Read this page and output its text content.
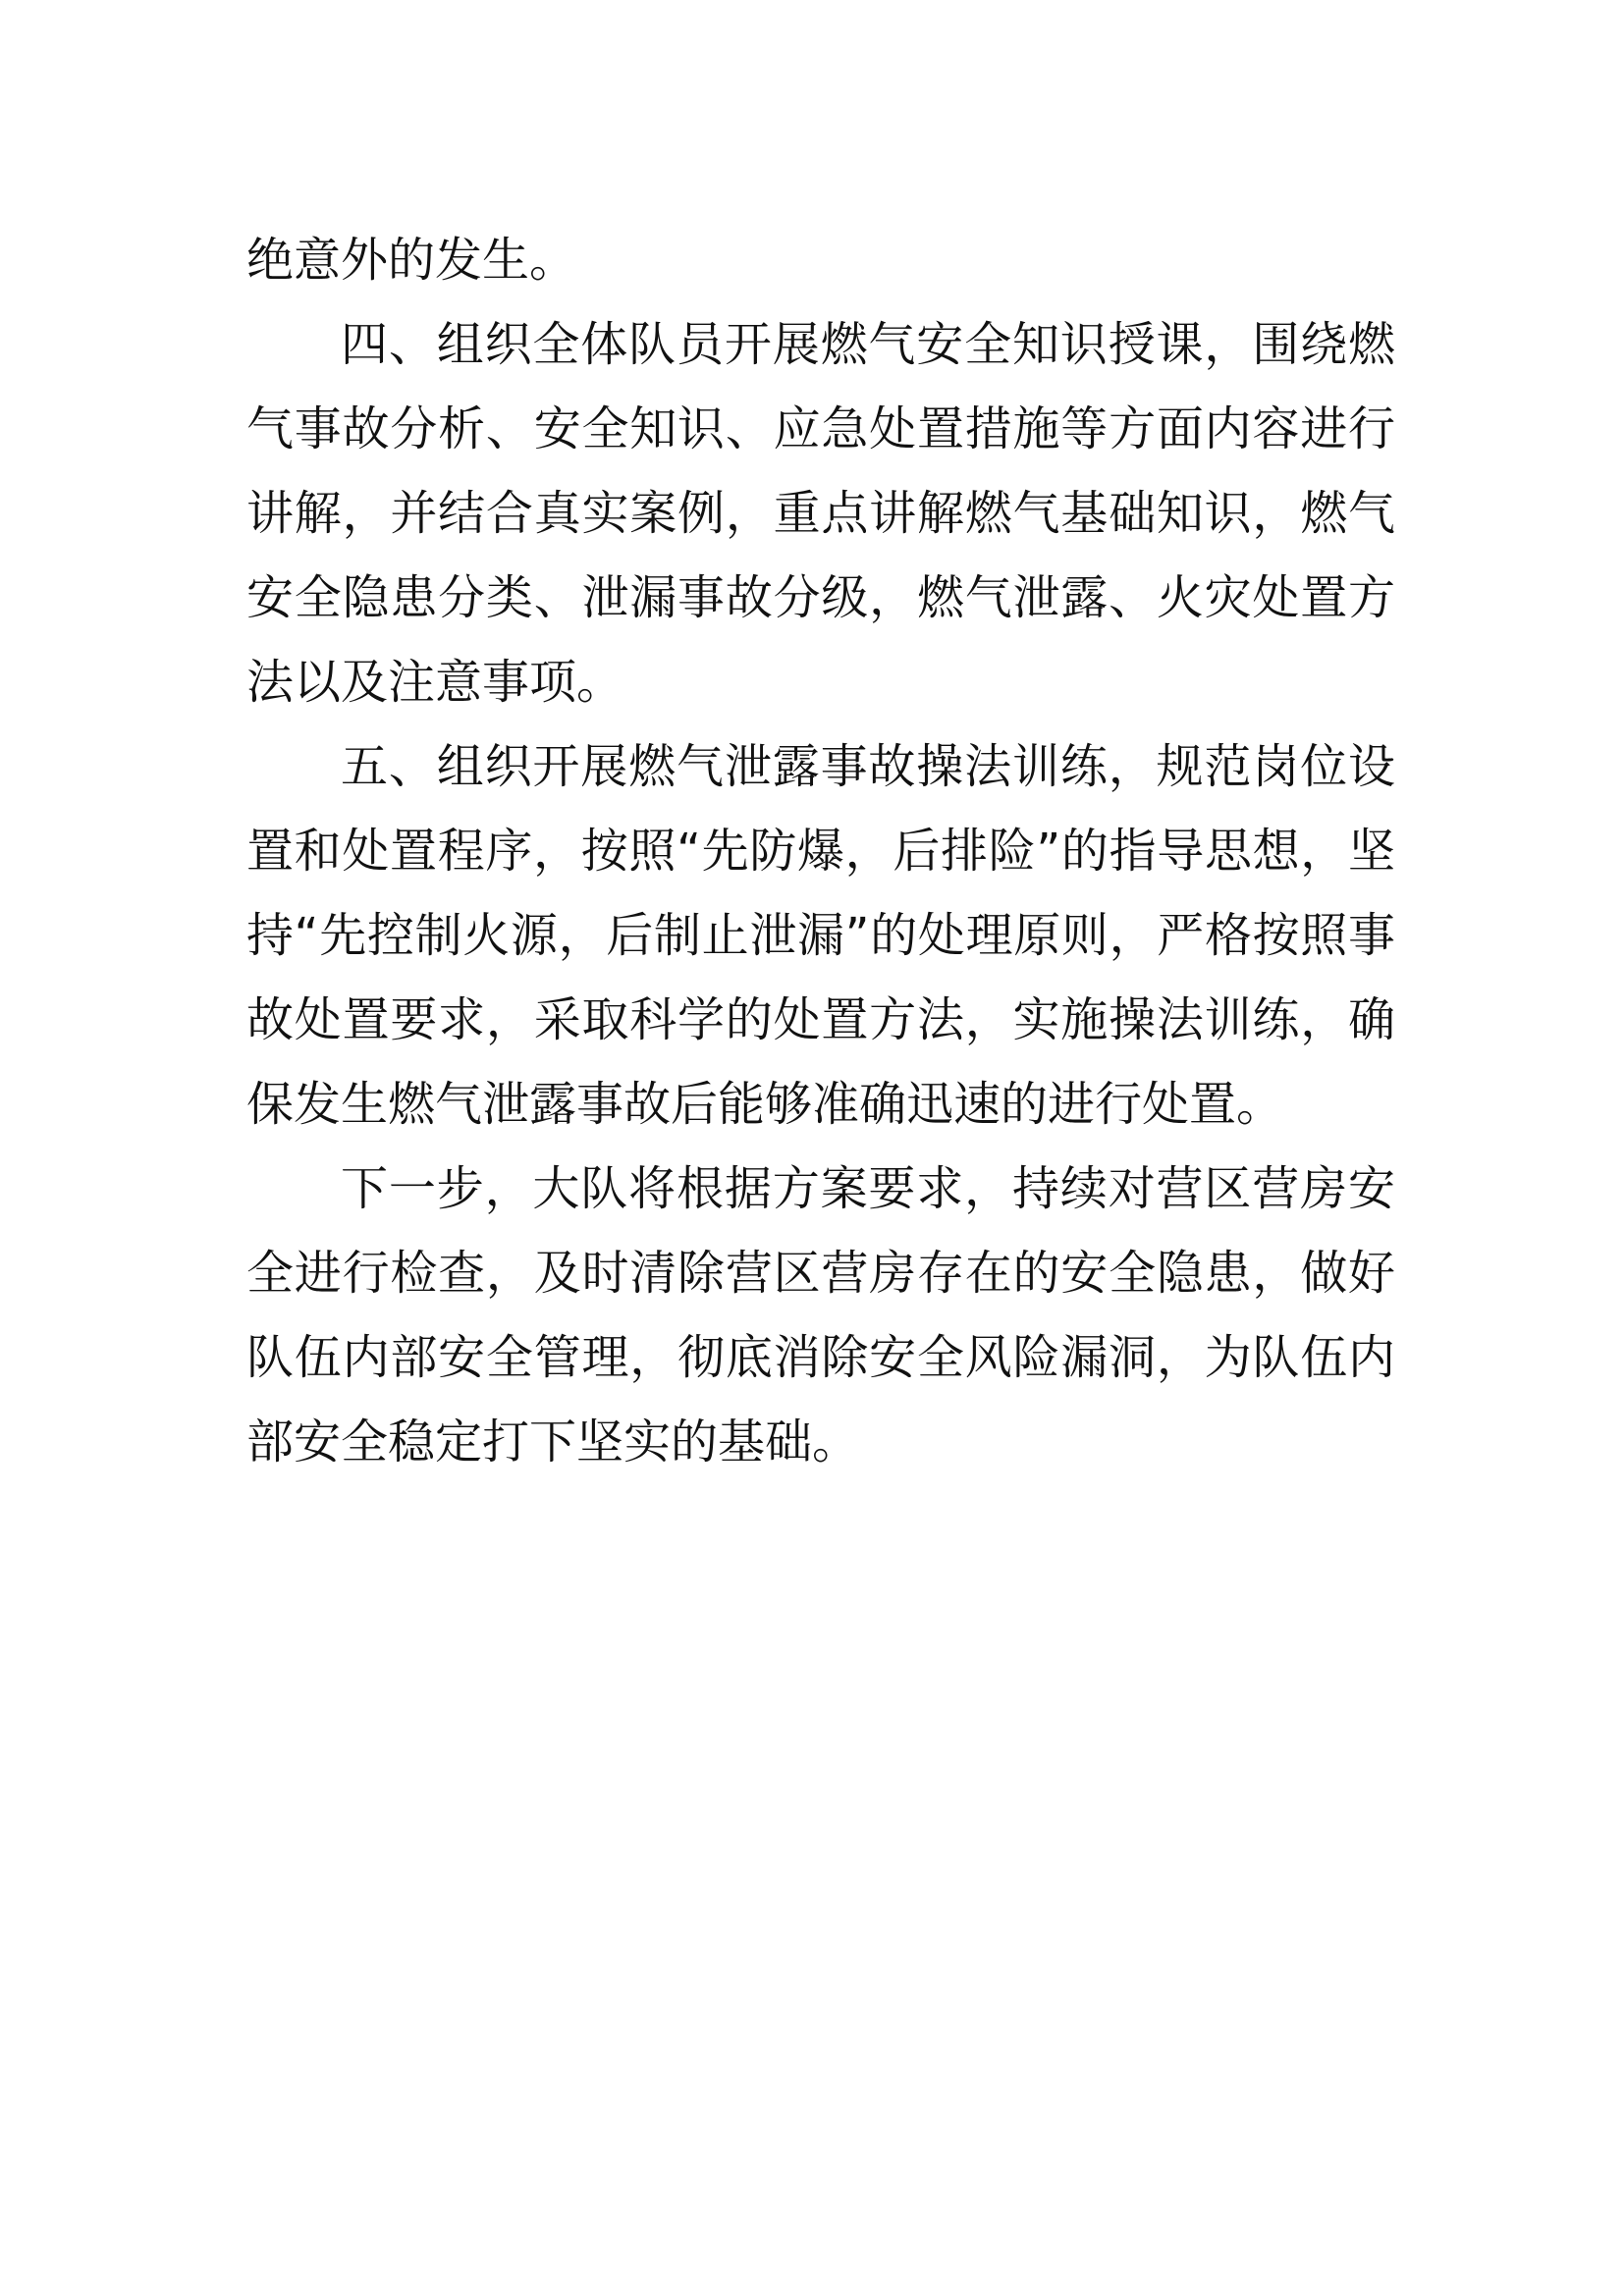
绝意外的发生。

四、组织全体队员开展燃气安全知识授课，围绕燃气事故分析、安全知识、应急处置措施等方面内容进行讲解，并结合真实案例，重点讲解燃气基础知识，燃气安全隐患分类、泄漏事故分级，燃气泄露、火灾处置方法以及注意事项。

五、组织开展燃气泄露事故操法训练，规范岗位设置和处置程序，按照“先防爆，后排险”的指导思想，坚持“先控制火源，后制止泄漏”的处理原则，严格按照事故处置要求，采取科学的处置方法，实施操法训练，确保发生燃气泄露事故后能够准确迅速的进行处置。

下一步，大队将根据方案要求，持续对营区营房安全进行检查，及时清除营区营房存在的安全隐患，做好队伍内部安全管理，彻底消除安全风险漏洞，为队伍内部安全稳定打下坚实的基础。
